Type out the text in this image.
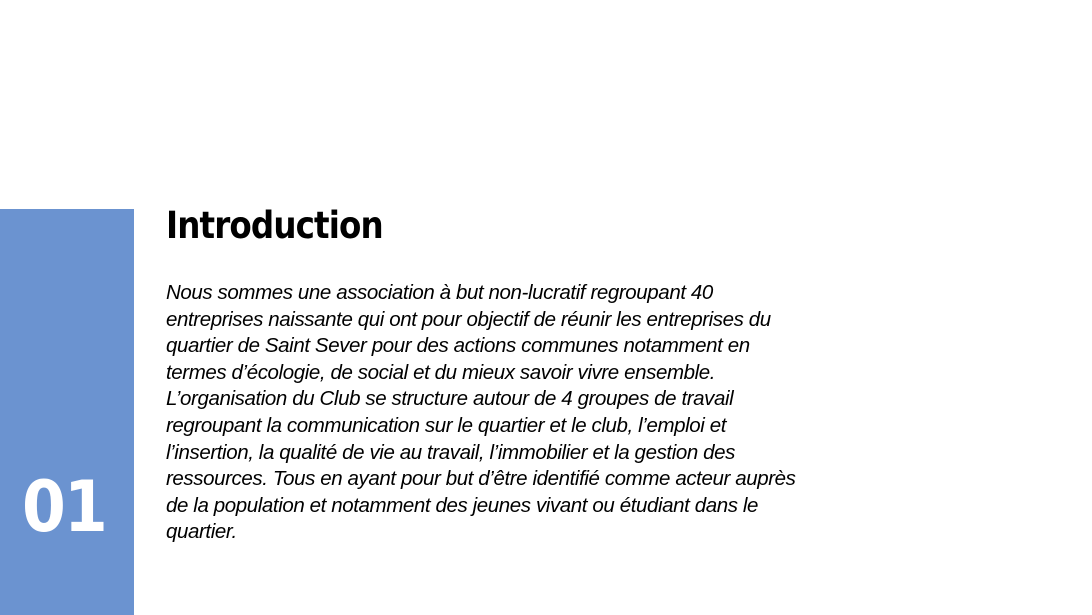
01
Introduction
Nous sommes une association à but non-lucratif regroupant 40
entreprises naissante qui ont pour objectif de réunir les entreprises du
quartier de Saint Sever pour des actions communes notamment en
termes d’écologie, de social et du mieux savoir vivre ensemble.
L’organisation du Club se structure autour de 4 groupes de travail
regroupant la communication sur le quartier et le club, l’emploi et
l’insertion, la qualité de vie au travail, l’immobilier et la gestion des
ressources. Tous en ayant pour but d’être identifié comme acteur auprès
de la population et notamment des jeunes vivant ou étudiant dans le
quartier.
